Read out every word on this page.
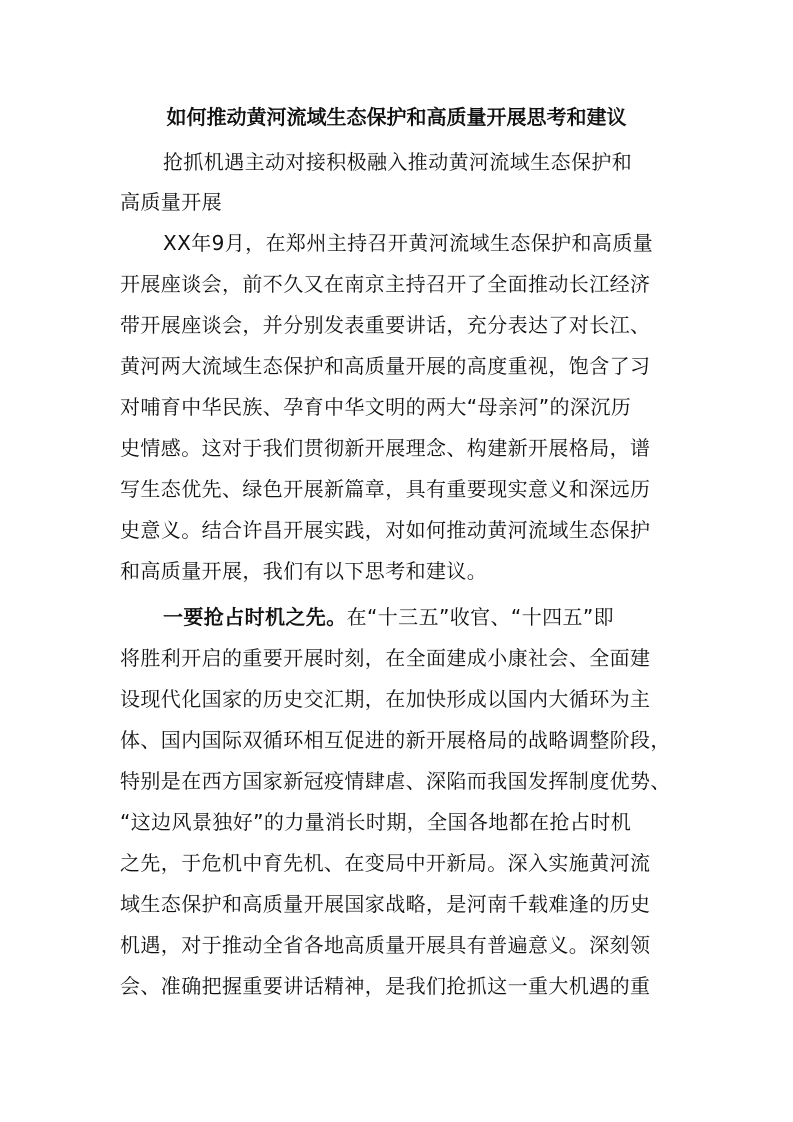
如何推动黄河流域生态保护和高质量开展思考和建议
抢抓机遇主动对接积极融入推动黄河流域生态保护和
高质量开展
XX年9月，在郑州主持召开黄河流域生态保护和高质量
开展座谈会，前不久又在南京主持召开了全面推动长江经济
带开展座谈会，并分别发表重要讲话，充分表达了对长江、
黄河两大流域生态保护和高质量开展的高度重视，饱含了习
对哺育中华民族、孕育中华文明的两大“母亲河”的深沉历
史情感。这对于我们贯彻新开展理念、构建新开展格局，谱
写生态优先、绿色开展新篇章，具有重要现实意义和深远历
史意义。结合许昌开展实践，对如何推动黄河流域生态保护
和高质量开展，我们有以下思考和建议。
一要抢占时机之先。在“十三五”收官、“十四五”即
将胜利开启的重要开展时刻，在全面建成小康社会、全面建
设现代化国家的历史交汇期，在加快形成以国内大循环为主
体、国内国际双循环相互促进的新开展格局的战略调整阶段，
特别是在西方国家新冠疫情肆虐、深陷而我国发挥制度优势、
“这边风景独好”的力量消长时期，全国各地都在抢占时机
之先，于危机中育先机、在变局中开新局。深入实施黄河流
域生态保护和高质量开展国家战略，是河南千载难逢的历史
机遇，对于推动全省各地高质量开展具有普遍意义。深刻领
会、准确把握重要讲话精神，是我们抢抓这一重大机遇的重
